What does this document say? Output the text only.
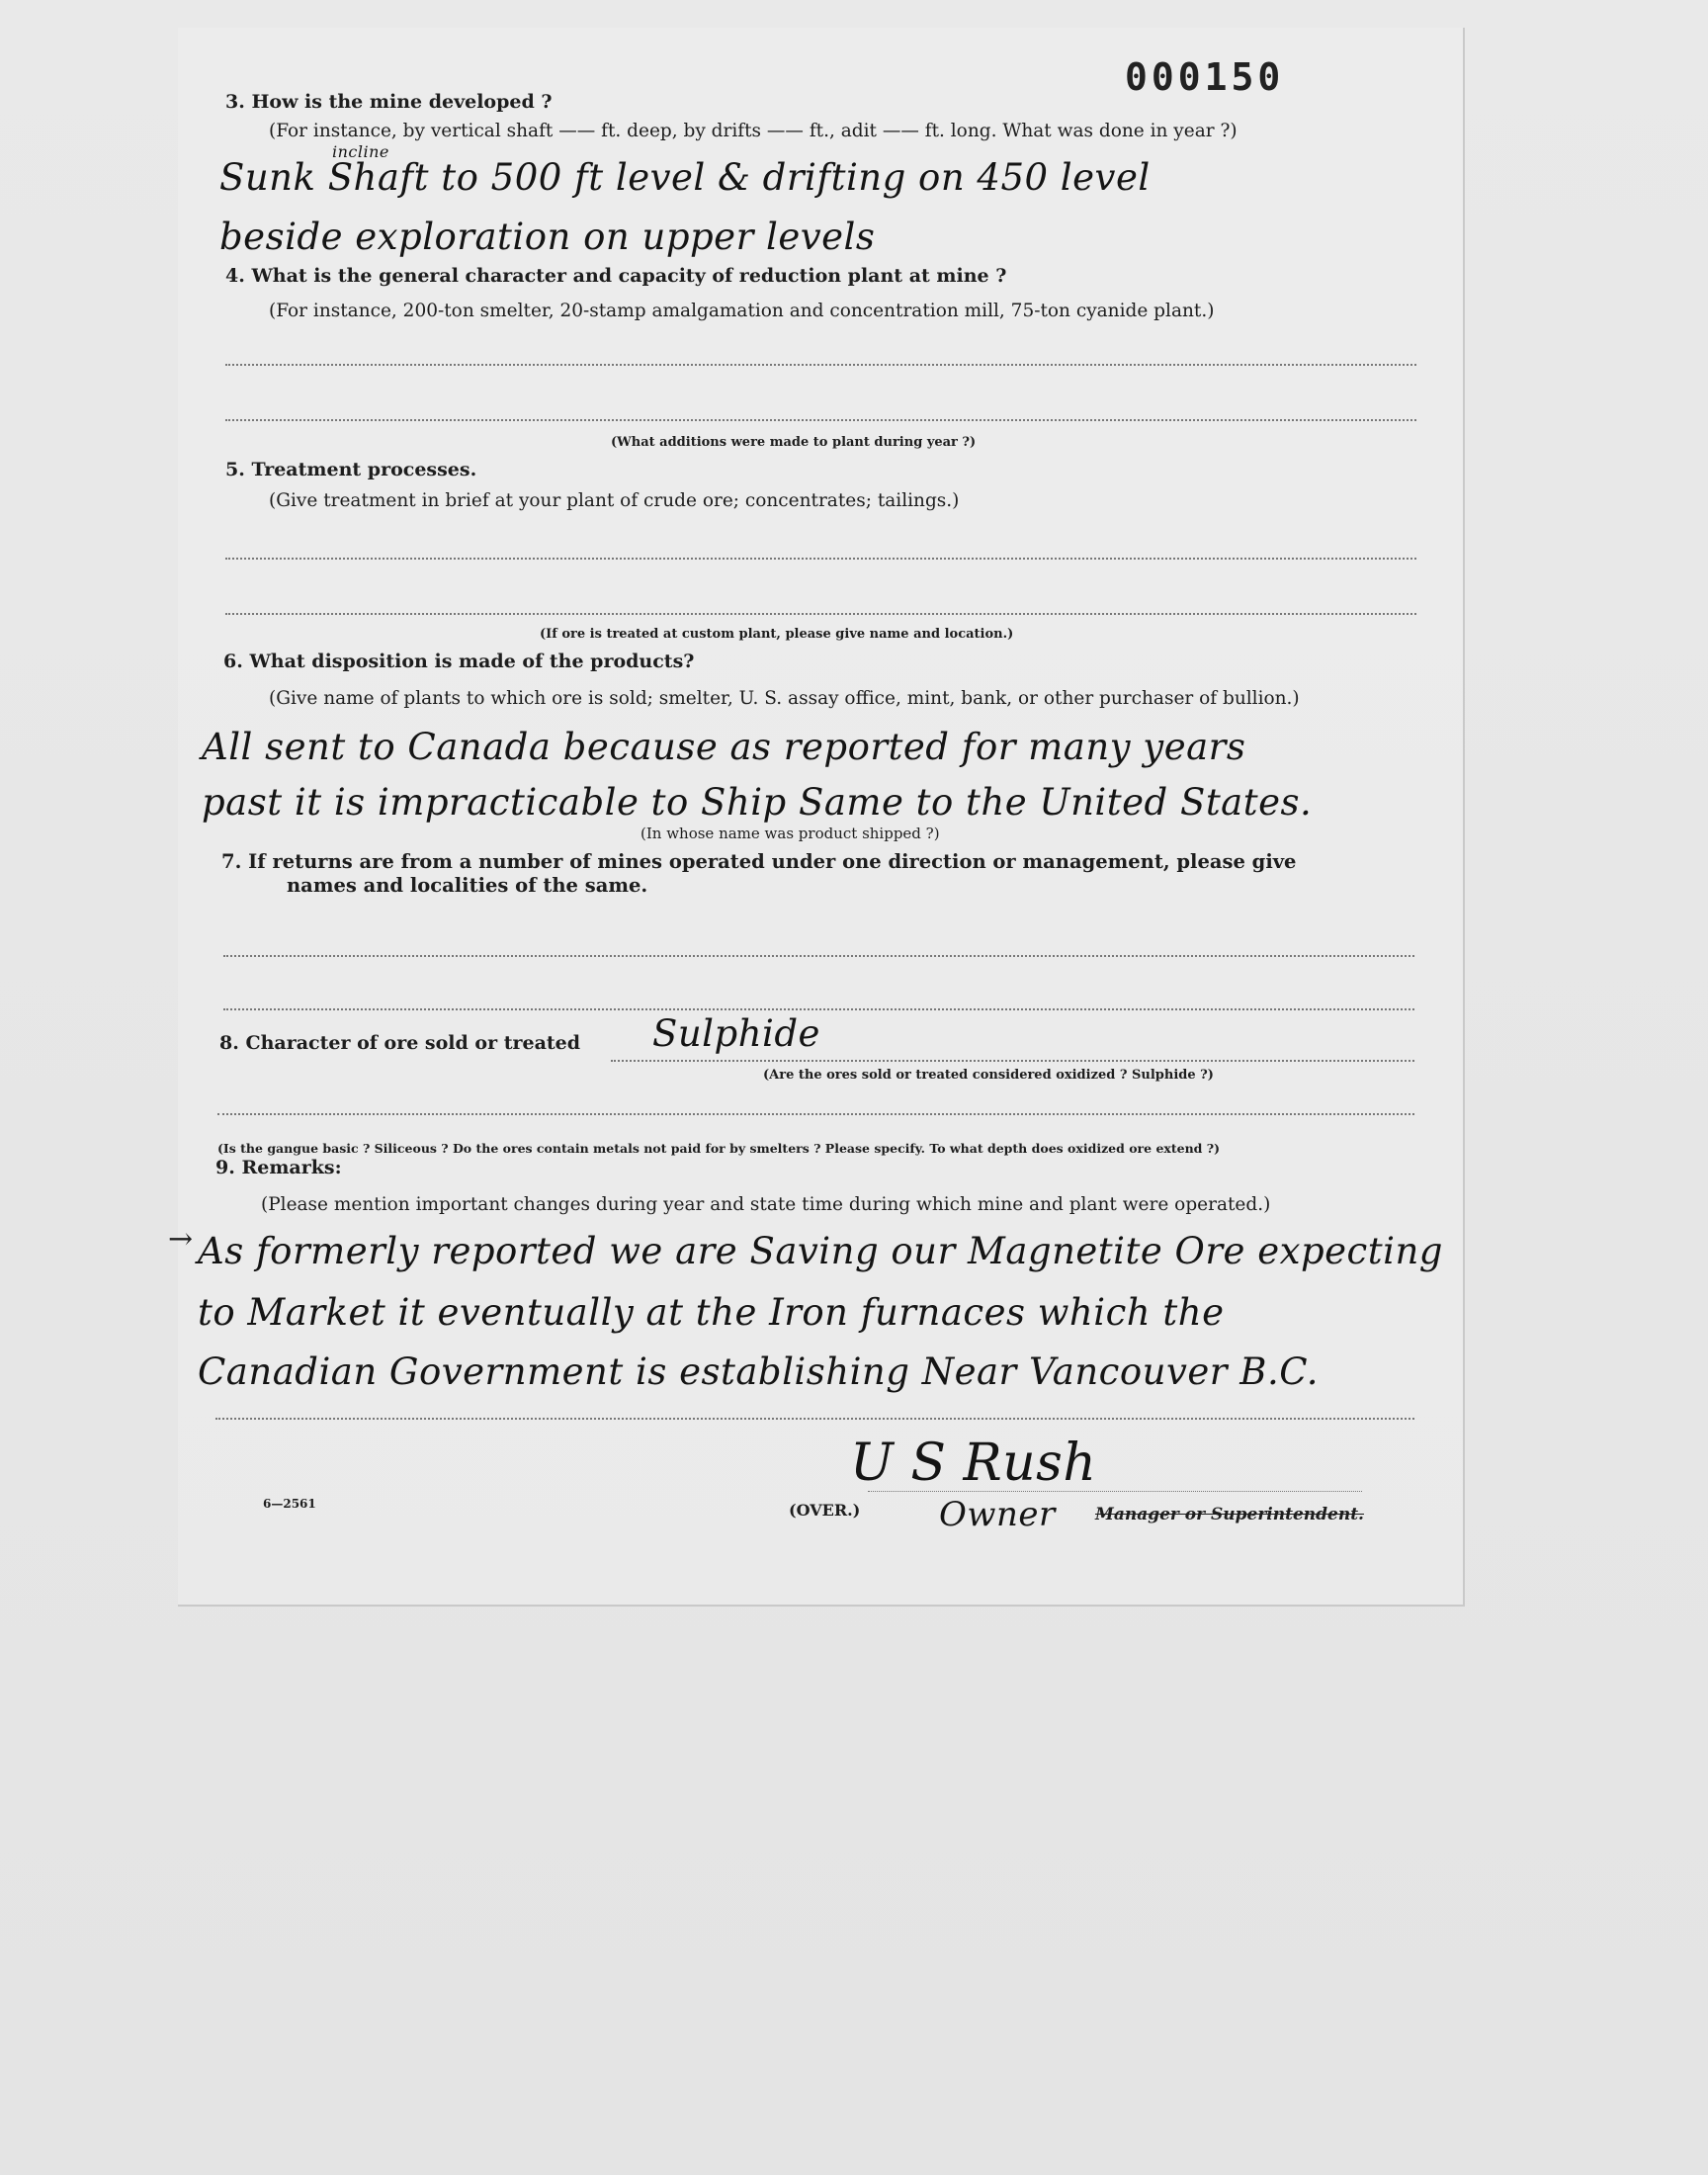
000150
3. How is the mine developed ?
(For instance, by vertical shaft —— ft. deep, by drifts —— ft., adit —— ft. long. What was done in year ?)
incline
Sunk Shaft to 500 ft level & drifting on 450 level
beside exploration on upper levels
4. What is the general character and capacity of reduction plant at mine ?
(For instance, 200-ton smelter, 20-stamp amalgamation and concentration mill, 75-ton cyanide plant.)
(What additions were made to plant during year ?)
5. Treatment processes.
(Give treatment in brief at your plant of crude ore; concentrates; tailings.)
(If ore is treated at custom plant, please give name and location.)
6. What disposition is made of the products?
(Give name of plants to which ore is sold; smelter, U. S. assay office, mint, bank, or other purchaser of bullion.)
All sent to Canada because as reported for many years
past it is impracticable to Ship Same to the United States.
(In whose name was product shipped ?)
7. If returns are from a number of mines operated under one direction or management, please give
names and localities of the same.
8. Character of ore sold or treated Sulphide
(Are the ores sold or treated considered oxidized ? Sulphide ?)
(Is the gangue basic ? Siliceous ? Do the ores contain metals not paid for by smelters ? Please specify. To what depth does oxidized ore extend ?)
9. Remarks:
(Please mention important changes during year and state time during which mine and plant were operated.)
→ As formerly reported we are Saving our Magnetite Ore expecting
to Market it eventually at the Iron furnaces which the
Canadian Government is establishing Near Vancouver B.C.
6—2561	(OVER.)
U S Rush
Owner Manager or Superintendent.
